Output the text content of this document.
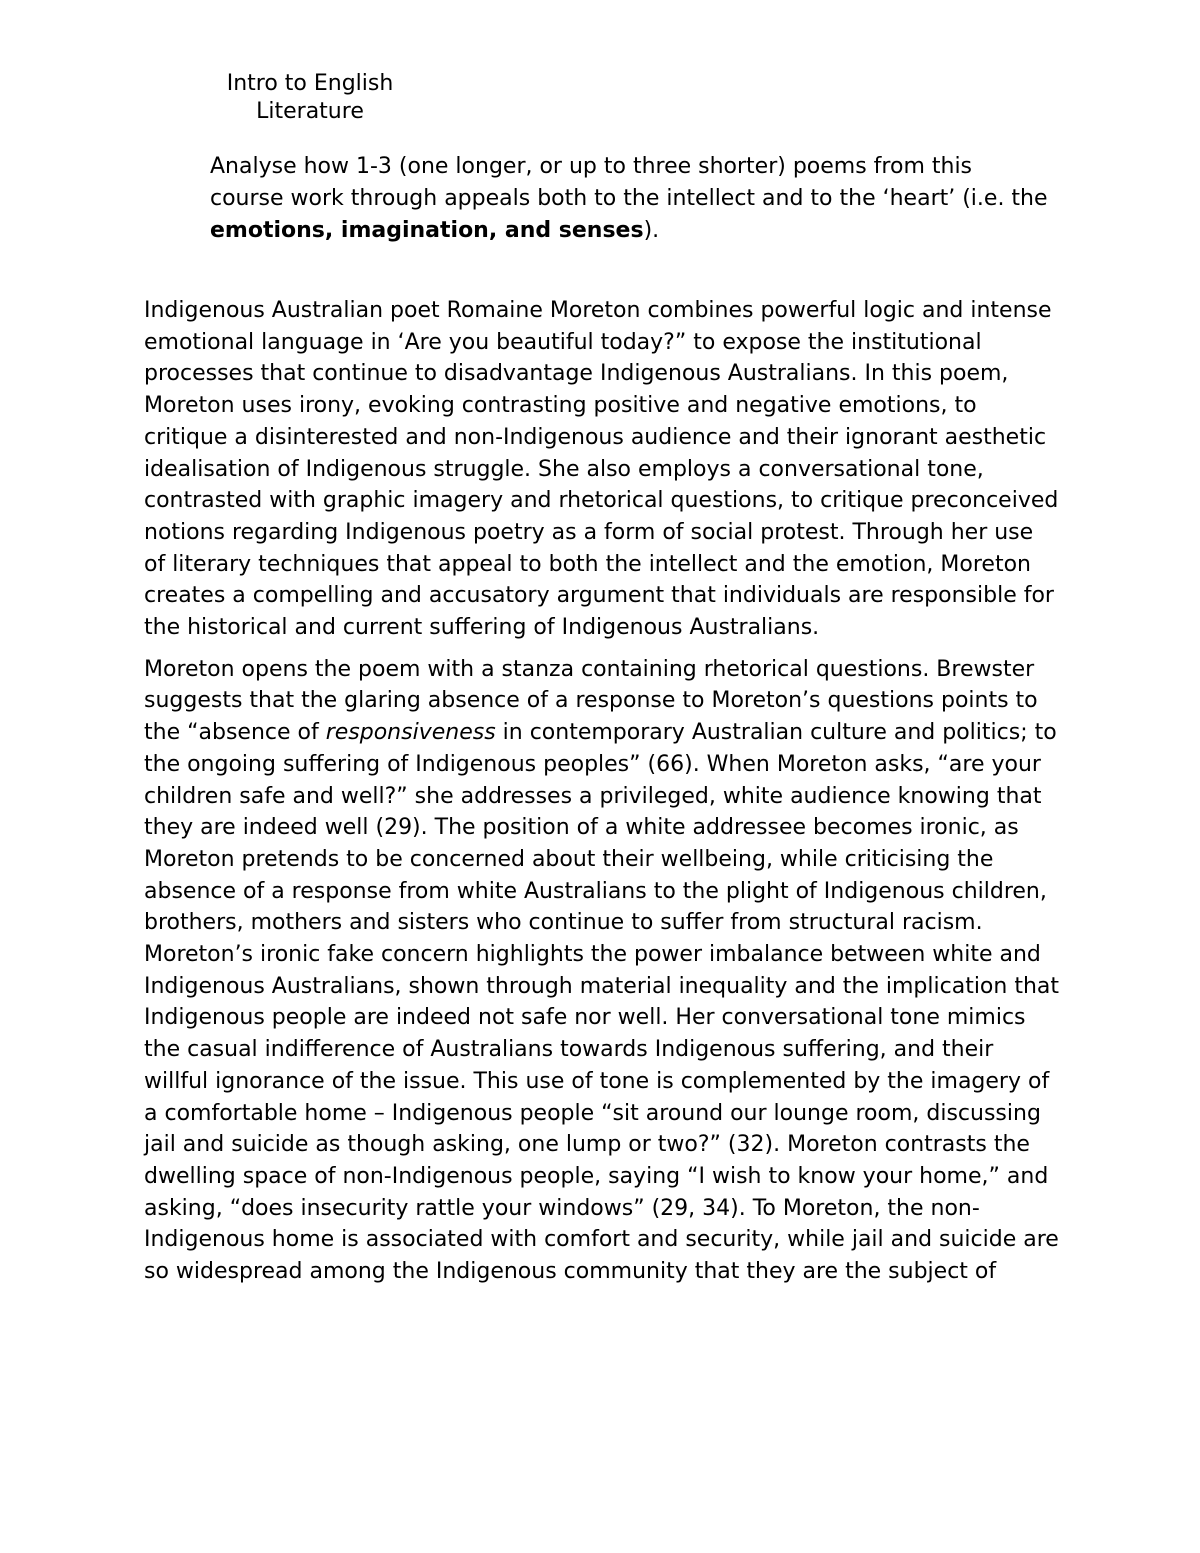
Intro to English
Literature

Analyse how 1-3 (one longer, or up to three shorter) poems from this course work through appeals both to the intellect and to the ‘heart’ (i.e. the emotions, imagination, and senses).

Indigenous Australian poet Romaine Moreton combines powerful logic and intense emotional language in ‘Are you beautiful today?” to expose the institutional processes that continue to disadvantage Indigenous Australians. In this poem, Moreton uses irony, evoking contrasting positive and negative emotions, to critique a disinterested and non-Indigenous audience and their ignorant aesthetic idealisation of Indigenous struggle. She also employs a conversational tone, contrasted with graphic imagery and rhetorical questions, to critique preconceived notions regarding Indigenous poetry as a form of social protest. Through her use of literary techniques that appeal to both the intellect and the emotion, Moreton creates a compelling and accusatory argument that individuals are responsible for the historical and current suffering of Indigenous Australians.

Moreton opens the poem with a stanza containing rhetorical questions. Brewster suggests that the glaring absence of a response to Moreton’s questions points to the “absence of responsiveness in contemporary Australian culture and politics; to the ongoing suffering of Indigenous peoples” (66). When Moreton asks, “are your children safe and well?” she addresses a privileged, white audience knowing that they are indeed well (29). The position of a white addressee becomes ironic, as Moreton pretends to be concerned about their wellbeing, while criticising the absence of a response from white Australians to the plight of Indigenous children, brothers, mothers and sisters who continue to suffer from structural racism. Moreton’s ironic fake concern highlights the power imbalance between white and Indigenous Australians, shown through material inequality and the implication that Indigenous people are indeed not safe nor well. Her conversational tone mimics the casual indifference of Australians towards Indigenous suffering, and their willful ignorance of the issue. This use of tone is complemented by the imagery of a comfortable home – Indigenous people “sit around our lounge room, discussing jail and suicide as though asking, one lump or two?” (32). Moreton contrasts the dwelling space of non-Indigenous people, saying “I wish to know your home,” and asking, “does insecurity rattle your windows” (29, 34). To Moreton, the non-Indigenous home is associated with comfort and security, while jail and suicide are so widespread among the Indigenous community that they are the subject of
